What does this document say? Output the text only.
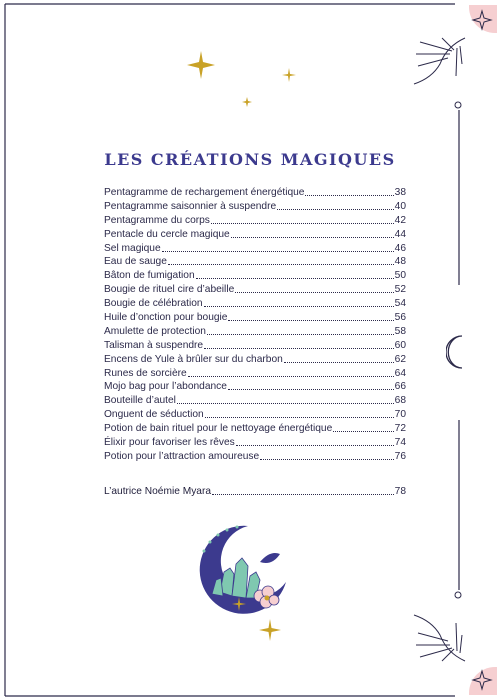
LES CRÉATIONS MAGIQUES
Pentagramme de rechargement énergétique	38
Pentagramme saisonnier à suspendre	40
Pentagramme du corps	42
Pentacle du cercle magique	44
Sel magique	46
Eau de sauge	48
Bâton de fumigation	50
Bougie de rituel cire d’abeille	52
Bougie de célébration	54
Huile d’onction pour bougie	56
Amulette de protection	58
Talisman à suspendre	60
Encens de Yule à brûler sur du charbon	62
Runes de sorcière	64
Mojo bag pour l’abondance	66
Bouteille d’autel	68
Onguent de séduction	70
Potion de bain rituel pour le nettoyage énergétique	72
Élixir pour favoriser les rêves	74
Potion pour l’attraction amoureuse	76
L’autrice Noémie Myara	78
